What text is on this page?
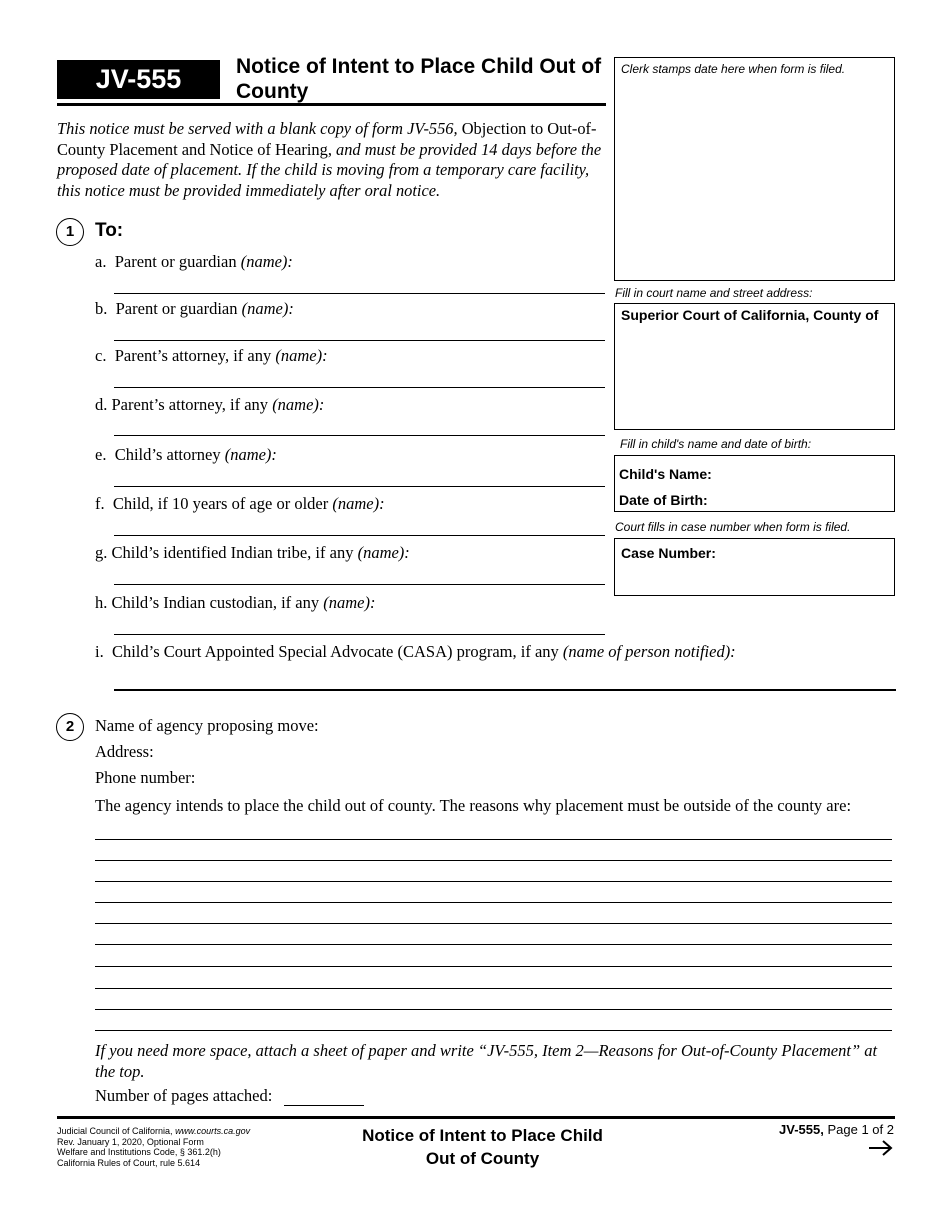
JV-555	Notice of Intent to Place Child Out of County
This notice must be served with a blank copy of form JV-556, Objection to Out-of-County Placement and Notice of Hearing, and must be provided 14 days before the proposed date of placement. If the child is moving from a temporary care facility, this notice must be provided immediately after oral notice.
1	To:
a. Parent or guardian (name):
b. Parent or guardian (name):
c. Parent’s attorney, if any (name):
d. Parent’s attorney, if any (name):
e. Child’s attorney (name):
f. Child, if 10 years of age or older (name):
g. Child’s identified Indian tribe, if any (name):
h. Child’s Indian custodian, if any (name):
i. Child’s Court Appointed Special Advocate (CASA) program, if any (name of person notified):
2	Name of agency proposing move:
Address:
Phone number:
The agency intends to place the child out of county. The reasons why placement must be outside of the county are:
If you need more space, attach a sheet of paper and write “JV-555, Item 2—Reasons for Out-of-County Placement” at the top.
Number of pages attached:
Clerk stamps date here when form is filed.
Fill in court name and street address:
Superior Court of California, County of
Fill in child's name and date of birth:
Child's Name:
Date of Birth:
Court fills in case number when form is filed.
Case Number:
Judicial Council of California, www.courts.ca.gov
Rev. January 1, 2020, Optional Form
Welfare and Institutions Code, § 361.2(h)
California Rules of Court, rule 5.614
Notice of Intent to Place Child
Out of County
JV-555, Page 1 of 2
